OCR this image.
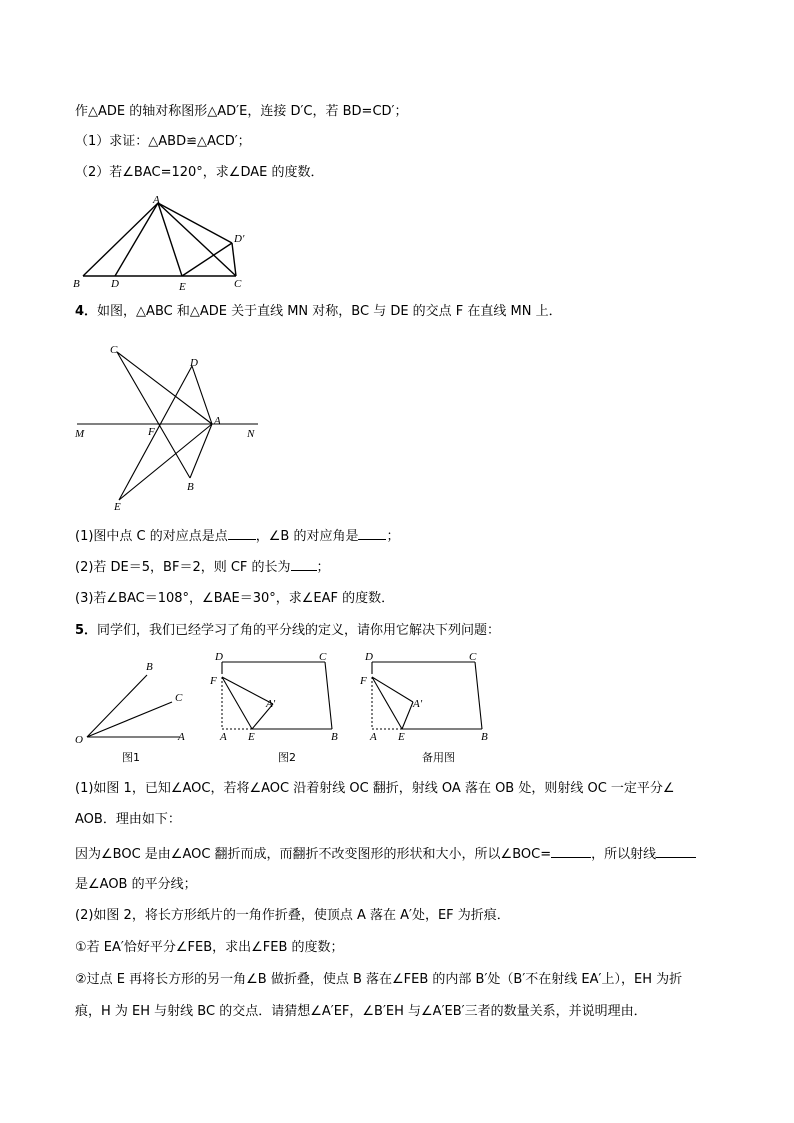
作△ADE 的轴对称图形△AD′E，连接 D′C，若 BD=CD′；
（1）求证：△ABD≌△ACD′；
（2）若∠BAC=120°，求∠DAE 的度数．
A
B	D	E	C
D′
4．如图，△ABC 和△ADE 关于直线 MN 对称，BC 与 DE 的交点 F 在直线 MN 上．
C
D
A
M	F	N
B
E
(1)图中点 C 的对应点是点 ，∠B 的对应角是 ；
(2)若 DE＝5，BF＝2，则 CF 的长为 ；
(3)若∠BAC＝108°，∠BAE＝30°，求∠EAF 的度数．
5．同学们，我们已经学习了角的平分线的定义，请你用它解决下列问题：
O	A
B
C
图1
D	C
F
A′
A E	B
图2
D	C
F
A′
A E	B
备用图
(1)如图 1，已知∠AOC，若将∠AOC 沿着射线 OC 翻折，射线 OA 落在 OB 处，则射线 OC 一定平分∠
AOB．理由如下：
因为∠BOC 是由∠AOC 翻折而成，而翻折不改变图形的形状和大小，所以∠BOC=	，所以射线
是∠AOB 的平分线；
(2)如图 2，将长方形纸片的一角作折叠，使顶点 A 落在 A′处，EF 为折痕．
①若 EA′恰好平分∠FEB，求出∠FEB 的度数；
②过点 E 再将长方形的另一角∠B 做折叠，使点 B 落在∠FEB 的内部 B′处（B′不在射线 EA′上），EH 为折
痕，H 为 EH 与射线 BC 的交点．请猜想∠A′EF，∠B′EH 与∠A′EB′三者的数量关系，并说明理由．
